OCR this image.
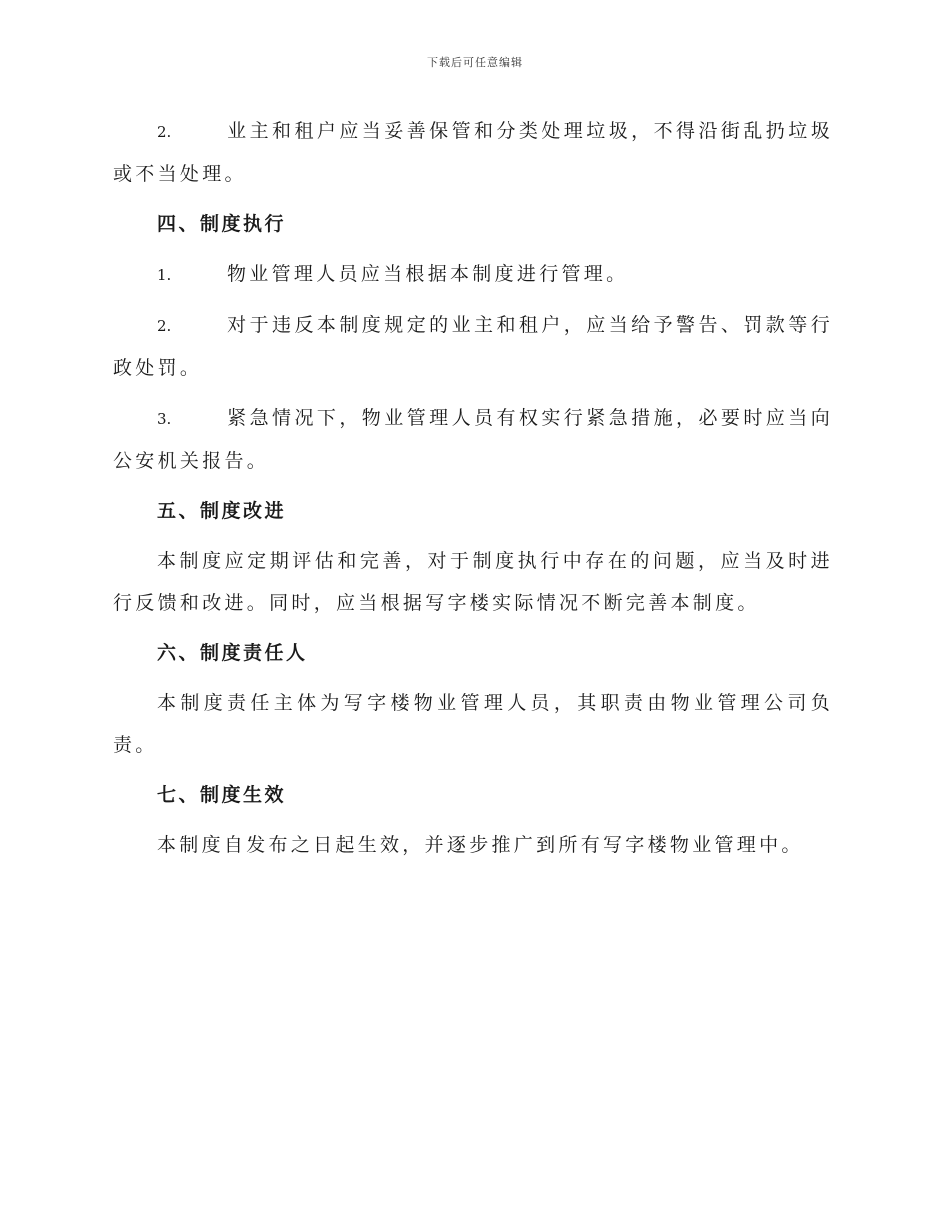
下载后可任意编辑

2.	业主和租户应当妥善保管和分类处理垃圾，不得沿街乱扔垃圾或不当处理。

四、制度执行

1.	物业管理人员应当根据本制度进行管理。

2.	对于违反本制度规定的业主和租户，应当给予警告、罚款等行政处罚。

3.	紧急情况下，物业管理人员有权实行紧急措施，必要时应当向公安机关报告。

五、制度改进

本制度应定期评估和完善，对于制度执行中存在的问题，应当及时进行反馈和改进。同时，应当根据写字楼实际情况不断完善本制度。

六、制度责任人

本制度责任主体为写字楼物业管理人员，其职责由物业管理公司负责。

七、制度生效

本制度自发布之日起生效，并逐步推广到所有写字楼物业管理中。
